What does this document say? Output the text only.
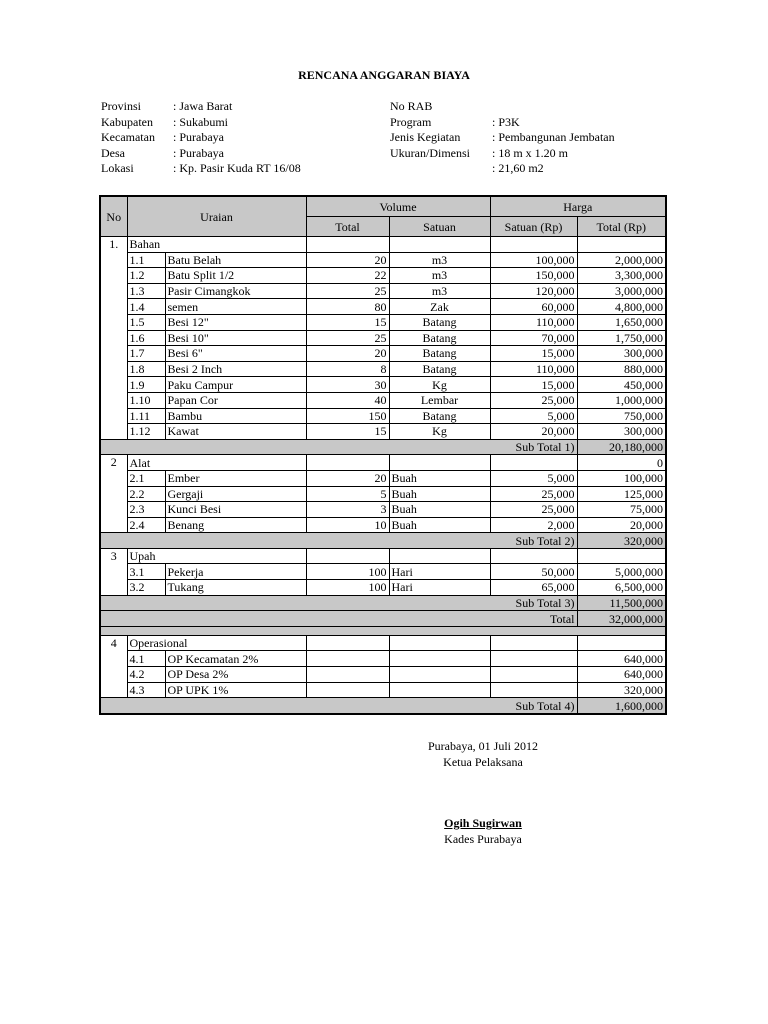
RENCANA ANGGARAN BIAYA
Provinsi	: Jawa Barat
Kabupaten	: Sukabumi
Kecamatan	: Purabaya
Desa	: Purabaya
Lokasi	: Kp. Pasir Kuda RT 16/08
No RAB
Program	: P3K
Jenis Kegiatan	: Pembangunan Jembatan
Ukuran/Dimensi	: 18 m x 1.20 m
: 21,60 m2
No	Uraian		Volume		Harga	
			Total	Satuan	Satuan (Rp)	Total (Rp)
1.	Bahan					
	1.1	Batu Belah	20	m3	100,000	2,000,000
	1.2	Batu Split 1/2	22	m3	150,000	3,300,000
	1.3	Pasir Cimangkok	25	m3	120,000	3,000,000
	1.4	semen	80	Zak	60,000	4,800,000
	1.5	Besi 12"	15	Batang	110,000	1,650,000
	1.6	Besi 10"	25	Batang	70,000	1,750,000
	1.7	Besi 6"	20	Batang	15,000	300,000
	1.8	Besi 2 Inch	8	Batang	110,000	880,000
	1.9	Paku Campur	30	Kg	15,000	450,000
	1.10	Papan Cor	40	Lembar	25,000	1,000,000
	1.11	Bambu	150	Batang	5,000	750,000
	1.12	Kawat	15	Kg	20,000	300,000
Sub Total 1)						20,180,000
2	Alat					0
	2.1	Ember	20	Buah	5,000	100,000
	2.2	Gergaji	5	Buah	25,000	125,000
	2.3	Kunci Besi	3	Buah	25,000	75,000
	2.4	Benang	10	Buah	2,000	20,000
Sub Total 2)						320,000
3	Upah					
	3.1	Pekerja	100	Hari	50,000	5,000,000
	3.2	Tukang	100	Hari	65,000	6,500,000
Sub Total 3)						11,500,000
Total						32,000,000

4	Operasional					
	4.1	OP Kecamatan 2%				640,000
	4.2	OP Desa 2%				640,000
	4.3	OP UPK 1%				320,000
Sub Total 4)						1,600,000
Purabaya, 01 Juli 2012
Ketua Pelaksana
Ogih Sugirwan
Kades Purabaya
